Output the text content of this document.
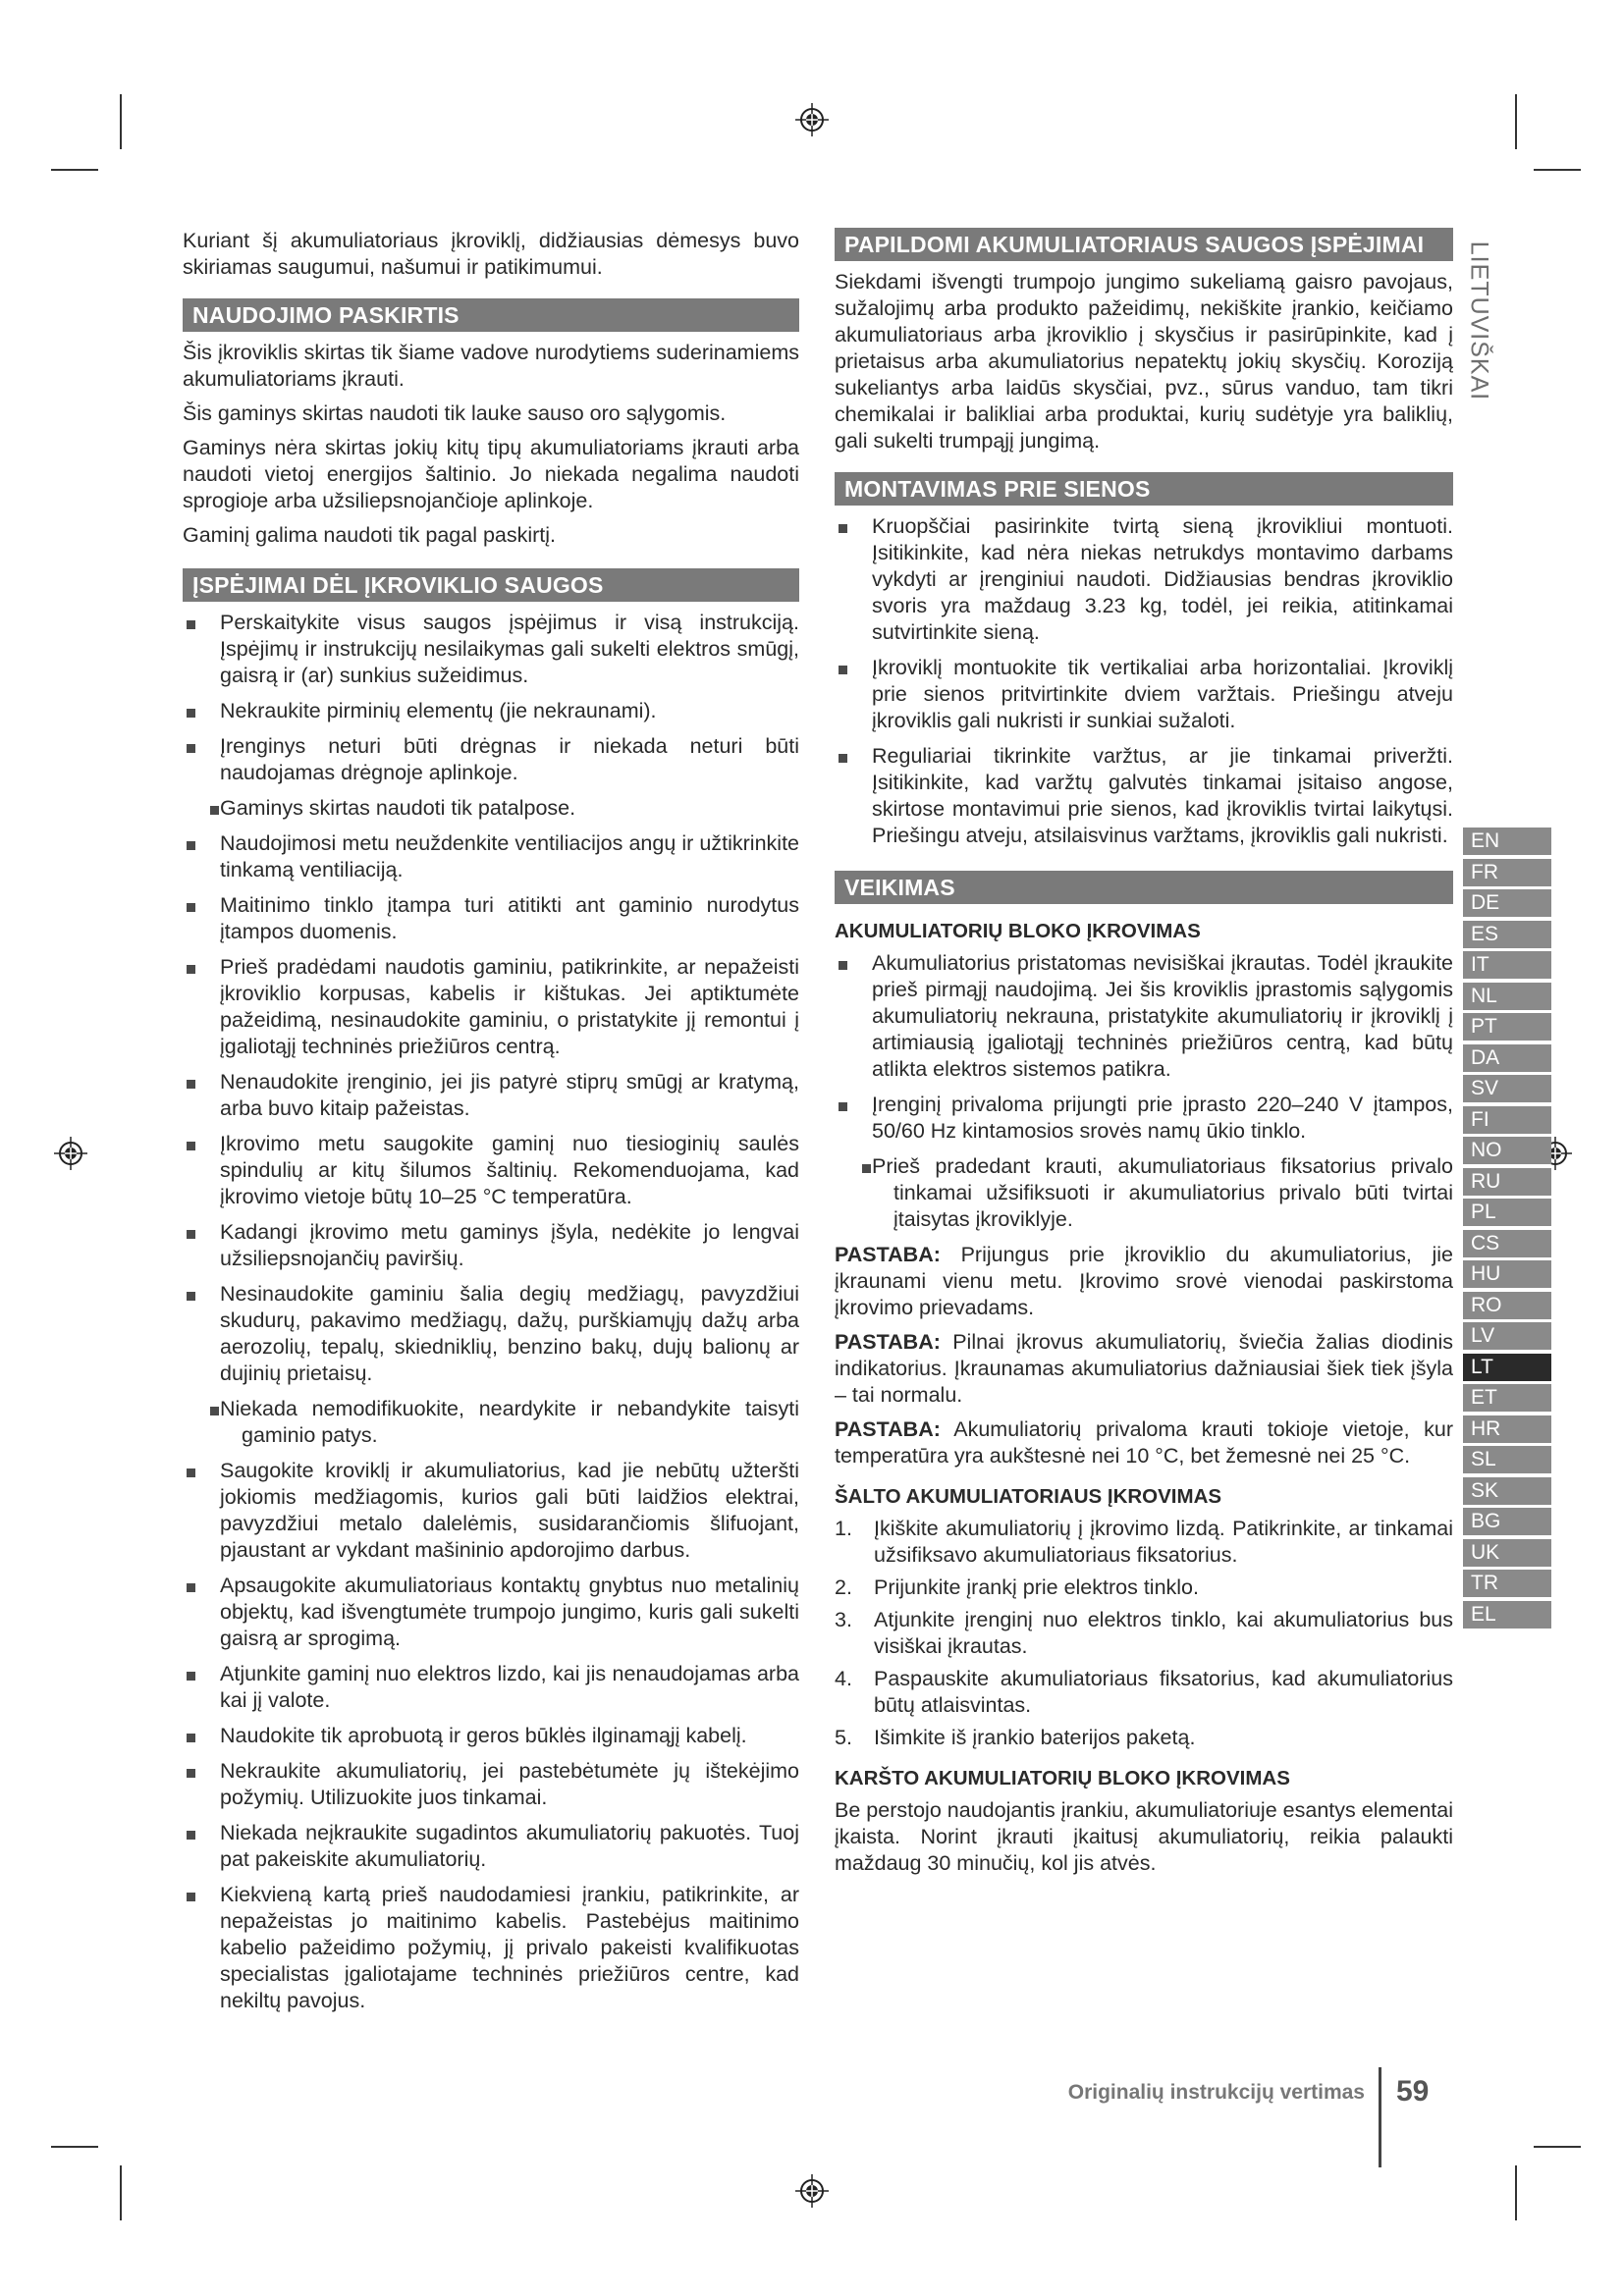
Kuriant šį akumuliatoriaus įkroviklį, didžiausias dėmesys buvo skiriamas saugumui, našumui ir patikimumui.

NAUDOJIMO PASKIRTIS

Šis įkroviklis skirtas tik šiame vadove nurodytiems suderinamiems akumuliatoriams įkrauti.

Šis gaminys skirtas naudoti tik lauke sauso oro sąlygomis.

Gaminys nėra skirtas jokių kitų tipų akumuliatoriams įkrauti arba naudoti vietoj energijos šaltinio. Jo niekada negalima naudoti sprogioje arba užsiliepsnojančioje aplinkoje.

Gaminį galima naudoti tik pagal paskirtį.

ĮSPĖJIMAI DĖL ĮKROVIKLIO SAUGOS
Perskaitykite visus saugos įspėjimus ir visą instrukciją. Įspėjimų ir instrukcijų nesilaikymas gali sukelti elektros smūgį, gaisrą ir (ar) sunkius sužeidimus.
Nekraukite pirminių elementų (jie nekraunami).
Įrenginys neturi būti drėgnas ir niekada neturi būti naudojamas drėgnoje aplinkoje.
Gaminys skirtas naudoti tik patalpose.
Naudojimosi metu neuždenkite ventiliacijos angų ir užtikrinkite tinkamą ventiliaciją.
Maitinimo tinklo įtampa turi atitikti ant gaminio nurodytus įtampos duomenis.
Prieš pradėdami naudotis gaminiu, patikrinkite, ar nepažeisti įkroviklio korpusas, kabelis ir kištukas. Jei aptiktumėte pažeidimą, nesinaudokite gaminiu, o pristatykite jį remontui į įgaliotąjį techninės priežiūros centrą.
Nenaudokite įrenginio, jei jis patyrė stiprų smūgį ar kratymą, arba buvo kitaip pažeistas.
Įkrovimo metu saugokite gaminį nuo tiesioginių saulės spindulių ar kitų šilumos šaltinių. Rekomenduojama, kad įkrovimo vietoje būtų 10–25 °C temperatūra.
Kadangi įkrovimo metu gaminys įšyla, nedėkite jo lengvai užsiliepsnojančių paviršių.
Nesinaudokite gaminiu šalia degių medžiagų, pavyzdžiui skudurų, pakavimo medžiagų, dažų, purškiamųjų dažų arba aerozolių, tepalų, skiedniklių, benzino bakų, dujų balionų ar dujinių prietaisų.
Niekada nemodifikuokite, neardykite ir nebandykite taisyti gaminio patys.
Saugokite kroviklį ir akumuliatorius, kad jie nebūtų užteršti jokiomis medžiagomis, kurios gali būti laidžios elektrai, pavyzdžiui metalo dalelėmis, susidarančiomis šlifuojant, pjaustant ar vykdant mašininio apdorojimo darbus.
Apsaugokite akumuliatoriaus kontaktų gnybtus nuo metalinių objektų, kad išvengtumėte trumpojo jungimo, kuris gali sukelti gaisrą ar sprogimą.
Atjunkite gaminį nuo elektros lizdo, kai jis nenaudojamas arba kai jį valote.
Naudokite tik aprobuotą ir geros būklės ilginamąjį kabelį.
Nekraukite akumuliatorių, jei pastebėtumėte jų ištekėjimo požymių. Utilizuokite juos tinkamai.
Niekada neįkraukite sugadintos akumuliatorių pakuotės. Tuoj pat pakeiskite akumuliatorių.
Kiekvieną kartą prieš naudodamiesi įrankiu, patikrinkite, ar nepažeistas jo maitinimo kabelis. Pastebėjus maitinimo kabelio pažeidimo požymių, jį privalo pakeisti kvalifikuotas specialistas įgaliotajame techninės priežiūros centre, kad nekiltų pavojus.
PAPILDOMI AKUMULIATORIAUS SAUGOS ĮSPĖJIMAI

Siekdami išvengti trumpojo jungimo sukeliamą gaisro pavojaus, sužalojimų arba produkto pažeidimų, nekiškite įrankio, keičiamo akumuliatoriaus arba įkroviklio į skysčius ir pasirūpinkite, kad į prietaisus arba akumuliatorius nepatektų jokių skysčių. Koroziją sukeliantys arba laidūs skysčiai, pvz., sūrus vanduo, tam tikri chemikalai ir balikliai arba produktai, kurių sudėtyje yra baliklių, gali sukelti trumpąjį jungimą.

MONTAVIMAS PRIE SIENOS
Kruopščiai pasirinkite tvirtą sieną įkrovikliui montuoti. Įsitikinkite, kad nėra niekas netrukdys montavimo darbams vykdyti ar įrenginiui naudoti. Didžiausias bendras įkroviklio svoris yra maždaug 3.23 kg, todėl, jei reikia, atitinkamai sutvirtinkite sieną.
Įkroviklį montuokite tik vertikaliai arba horizontaliai. Įkroviklį prie sienos pritvirtinkite dviem varžtais. Priešingu atveju įkroviklis gali nukristi ir sunkiai sužaloti.
Reguliariai tikrinkite varžtus, ar jie tinkamai priveržti. Įsitikinkite, kad varžtų galvutės tinkamai įsitaiso angose, skirtose montavimui prie sienos, kad įkroviklis tvirtai laikytųsi. Priešingu atveju, atsilaisvinus varžtams, įkroviklis gali nukristi.
VEIKIMAS
AKUMULIATORIŲ BLOKO ĮKROVIMAS
Akumuliatorius pristatomas nevisiškai įkrautas. Todėl įkraukite prieš pirmąjį naudojimą. Jei šis kroviklis įprastomis sąlygomis akumuliatorių nekrauna, pristatykite akumuliatorių ir įkroviklį į artimiausią įgaliotąjį techninės priežiūros centrą, kad būtų atlikta elektros sistemos patikra.
Įrenginį privaloma prijungti prie įprasto 220–240 V įtampos, 50/60 Hz kintamosios srovės namų ūkio tinklo.
Prieš pradedant krauti, akumuliatoriaus fiksatorius privalo tinkamai užsifiksuoti ir akumuliatorius privalo būti tvirtai įtaisytas įkroviklyje.

PASTABA: Prijungus prie įkroviklio du akumuliatorius, jie įkraunami vienu metu. Įkrovimo srovė vienodai paskirstoma įkrovimo prievadams.

PASTABA: Pilnai įkrovus akumuliatorių, šviečia žalias diodinis indikatorius. Įkraunamas akumuliatorius dažniausiai šiek tiek įšyla – tai normalu.

PASTABA: Akumuliatorių privaloma krauti tokioje vietoje, kur temperatūra yra aukštesnė nei 10 °C, bet žemesnė nei 25 °C.

ŠALTO AKUMULIATORIAUS ĮKROVIMAS
1. Įkiškite akumuliatorių į įkrovimo lizdą. Patikrinkite, ar tinkamai užsifiksavo akumuliatoriaus fiksatorius.
2. Prijunkite įrankį prie elektros tinklo.
3. Atjunkite įrenginį nuo elektros tinklo, kai akumuliatorius bus visiškai įkrautas.
4. Paspauskite akumuliatoriaus fiksatorius, kad akumuliatorius būtų atlaisvintas.
5. Išimkite iš įrankio baterijos paketą.
KARŠTO AKUMULIATORIŲ BLOKO ĮKROVIMAS

Be perstojo naudojantis įrankiu, akumuliatoriuje esantys elementai įkaista. Norint įkrauti įkaitusį akumuliatorių, reikia palaukti maždaug 30 minučių, kol jis atvės.

LIETUVIŠKAI
EN
FR
DE
ES
IT
NL
PT
DA
SV
FI
NO
RU
PL
CS
HU
RO
LV
LT
ET
HR
SL
SK
BG
UK
TR
EL
Originalių instrukcijų vertimas 59
